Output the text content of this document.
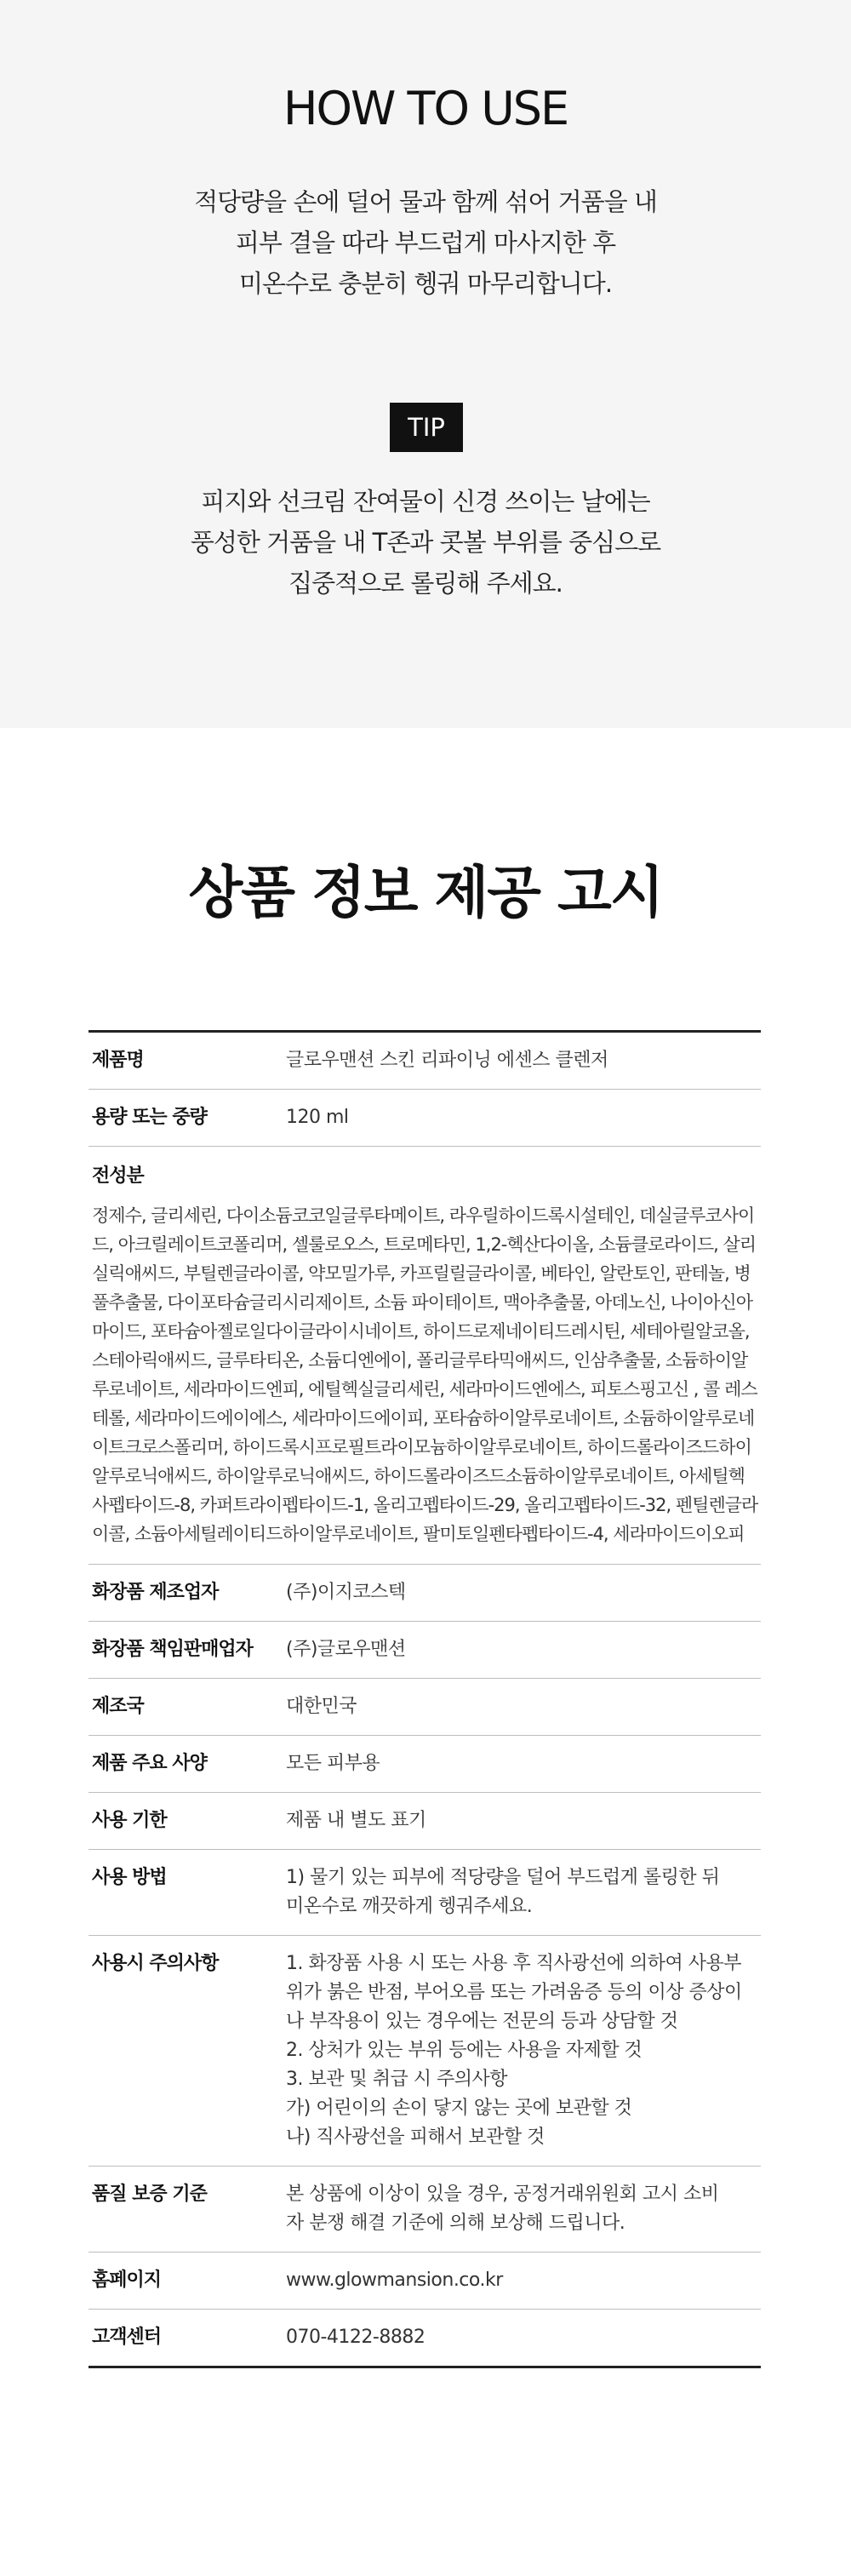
HOW TO USE
적당량을 손에 덜어 물과 함께 섞어 거품을 내
피부 결을 따라 부드럽게 마사지한 후
미온수로 충분히 헹궈 마무리합니다.
TIP
피지와 선크림 잔여물이 신경 쓰이는 날에는
풍성한 거품을 내 T존과 콧볼 부위를 중심으로
집중적으로 롤링해 주세요.
상품 정보 제공 고시
제품명	글로우맨션 스킨 리파이닝 에센스 클렌저
용량 또는 중량	120 ml
전성분
정제수, 글리세린, 다이소듐코코일글루타메이트, 라우릴하이드록시설테인, 데실글루코사이드, 아크릴레이트코폴리머, 셀룰로오스, 트로메타민, 1,2-헥산다이올, 소듐클로라이드, 살리실릭애씨드, 부틸렌글라이콜, 약모밀가루, 카프릴릴글라이콜, 베타인, 알란토인, 판테놀, 병풀추출물, 다이포타슘글리시리제이트, 소듐 파이테이트, 맥아추출물, 아데노신, 나이아신아마이드, 포타슘아젤로일다이글라이시네이트, 하이드로제네이티드레시틴, 세테아릴알코올, 스테아릭애씨드, 글루타티온, 소듐디엔에이, 폴리글루타믹애씨드, 인삼추출물, 소듐하이알루로네이트, 세라마이드엔피, 에틸헥실글리세린, 세라마이드엔에스, 피토스핑고신 , 콜 레스테롤, 세라마이드에이에스, 세라마이드에이피, 포타슘하이알루로네이트, 소듐하이알루로네이트크로스폴리머, 하이드록시프로필트라이모늄하이알루로네이트, 하이드롤라이즈드하이알루로닉애씨드, 하이알루로닉애씨드, 하이드롤라이즈드소듐하이알루로네이트, 아세틸헥사펩타이드-8, 카퍼트라이펩타이드-1, 올리고펩타이드-29, 올리고펩타이드-32, 펜틸렌글라이콜, 소듐아세틸레이티드하이알루로네이트, 팔미토일펜타펩타이드-4, 세라마이드이오피
화장품 제조업자	(주)이지코스텍
화장품 책임판매업자	(주)글로우맨션
제조국	대한민국
제품 주요 사양	모든 피부용
사용 기한	제품 내 별도 표기
사용 방법	1) 물기 있는 피부에 적당량을 덜어 부드럽게 롤링한 뒤
미온수로 깨끗하게 헹궈주세요.
사용시 주의사항	1. 화장품 사용 시 또는 사용 후 직사광선에 의하여 사용부
위가 붉은 반점, 부어오름 또는 가려움증 등의 이상 증상이
나 부작용이 있는 경우에는 전문의 등과 상담할 것
2. 상처가 있는 부위 등에는 사용을 자제할 것
3. 보관 및 취급 시 주의사항
가) 어린이의 손이 닿지 않는 곳에 보관할 것
나) 직사광선을 피해서 보관할 것
품질 보증 기준	본 상품에 이상이 있을 경우, 공정거래위원회 고시 소비
자 분쟁 해결 기준에 의해 보상해 드립니다.
홈페이지	www.glowmansion.co.kr
고객센터	070-4122-8882
